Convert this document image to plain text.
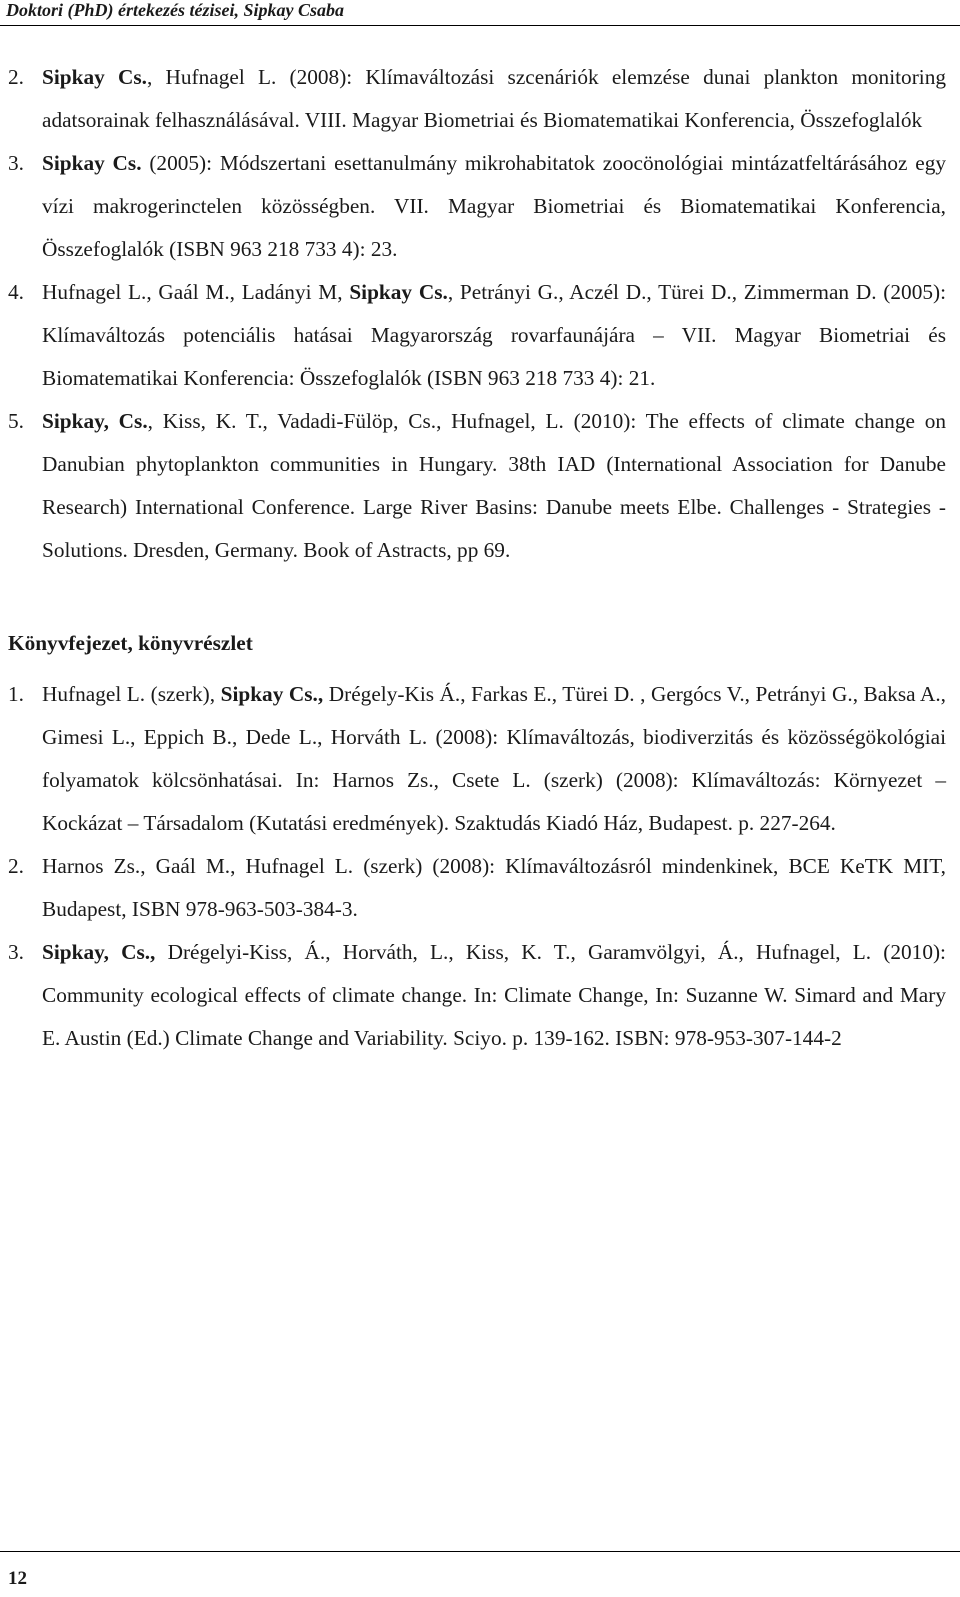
Doktori (PhD) értekezés tézisei, Sipkay Csaba

2. Sipkay Cs., Hufnagel L. (2008): Klímaváltozási szcenáriók elemzése dunai plankton monitoring adatsorainak felhasználásával. VIII. Magyar Biometriai és Biomatematikai Konferencia, Összefoglalók

3. Sipkay Cs. (2005): Módszertani esettanulmány mikrohabitatok zoocönológiai mintázatfeltárásához egy vízi makrogerinctelen közösségben. VII. Magyar Biometriai és Biomatematikai Konferencia, Összefoglalók (ISBN 963 218 733 4): 23.

4. Hufnagel L., Gaál M., Ladányi M, Sipkay Cs., Petrányi G., Aczél D., Türei D., Zimmerman D. (2005): Klímaváltozás potenciális hatásai Magyarország rovarfaunájára – VII. Magyar Biometriai és Biomatematikai Konferencia: Összefoglalók (ISBN 963 218 733 4): 21.

5. Sipkay, Cs., Kiss, K. T., Vadadi-Fülöp, Cs., Hufnagel, L. (2010): The effects of climate change on Danubian phytoplankton communities in Hungary. 38th IAD (International Association for Danube Research) International Conference. Large River Basins: Danube meets Elbe. Challenges - Strategies - Solutions. Dresden, Germany. Book of Astracts, pp 69.

Könyvfejezet, könyvrészlet

1. Hufnagel L. (szerk), Sipkay Cs., Drégely-Kis Á., Farkas E., Türei D. , Gergócs V., Petrányi G., Baksa A., Gimesi L., Eppich B., Dede L., Horváth L. (2008): Klímaváltozás, biodiverzitás és közösségökológiai folyamatok kölcsönhatásai. In: Harnos Zs., Csete L. (szerk) (2008): Klímaváltozás: Környezet – Kockázat – Társadalom (Kutatási eredmények). Szaktudás Kiadó Ház, Budapest. p. 227-264.

2. Harnos Zs., Gaál M., Hufnagel L. (szerk) (2008): Klímaváltozásról mindenkinek, BCE KeTK MIT, Budapest, ISBN 978-963-503-384-3.

3. Sipkay, Cs., Drégelyi-Kiss, Á., Horváth, L., Kiss, K. T., Garamvölgyi, Á., Hufnagel, L. (2010): Community ecological effects of climate change. In: Climate Change, In: Suzanne W. Simard and Mary E. Austin (Ed.) Climate Change and Variability. Sciyo. p. 139-162. ISBN: 978-953-307-144-2

12
